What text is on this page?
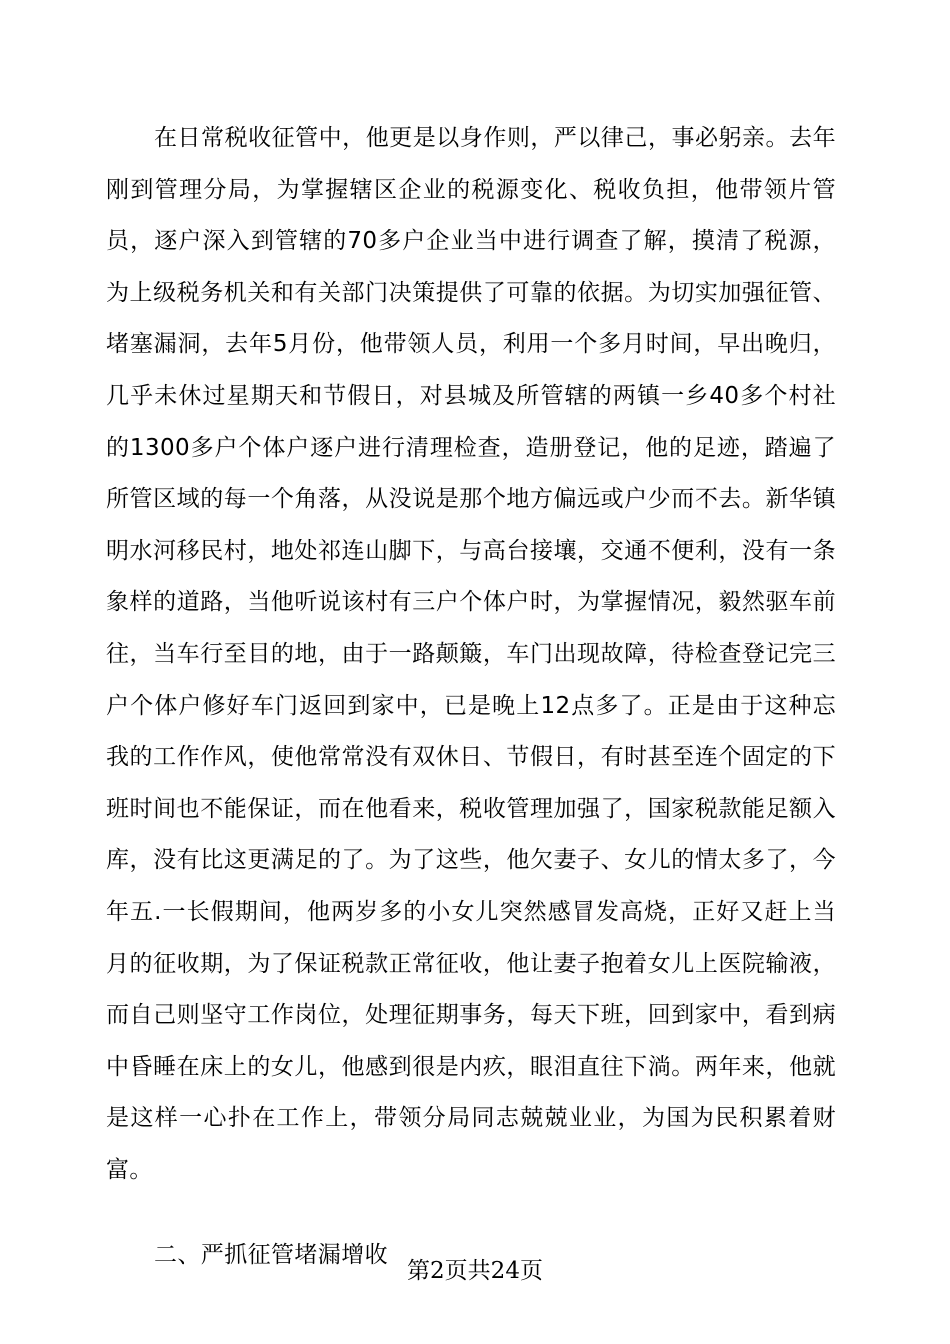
在日常税收征管中，他更是以身作则，严以律己，事必躬亲。去年刚到管理分局，为掌握辖区企业的税源变化、税收负担，他带领片管员，逐户深入到管辖的70多户企业当中进行调查了解，摸清了税源，为上级税务机关和有关部门决策提供了可靠的依据。为切实加强征管、堵塞漏洞，去年5月份，他带领人员，利用一个多月时间，早出晚归，几乎未休过星期天和节假日，对县城及所管辖的两镇一乡40多个村社的1300多户个体户逐户进行清理检查，造册登记，他的足迹，踏遍了所管区域的每一个角落，从没说是那个地方偏远或户少而不去。新华镇明水河移民村，地处祁连山脚下，与高台接壤，交通不便利，没有一条象样的道路，当他听说该村有三户个体户时，为掌握情况，毅然驱车前往，当车行至目的地，由于一路颠簸，车门出现故障，待检查登记完三户个体户修好车门返回到家中，已是晚上12点多了。正是由于这种忘我的工作作风，使他常常没有双休日、节假日，有时甚至连个固定的下班时间也不能保证，而在他看来，税收管理加强了，国家税款能足额入库，没有比这更满足的了。为了这些，他欠妻子、女儿的情太多了，今年五.一长假期间，他两岁多的小女儿突然感冒发高烧，正好又赶上当月的征收期，为了保证税款正常征收，他让妻子抱着女儿上医院输液，而自己则坚守工作岗位，处理征期事务，每天下班，回到家中，看到病中昏睡在床上的女儿，他感到很是内疚，眼泪直往下淌。两年来，他就是这样一心扑在工作上，带领分局同志兢兢业业，为国为民积累着财富。

二、严抓征管堵漏增收

第2页共24页
